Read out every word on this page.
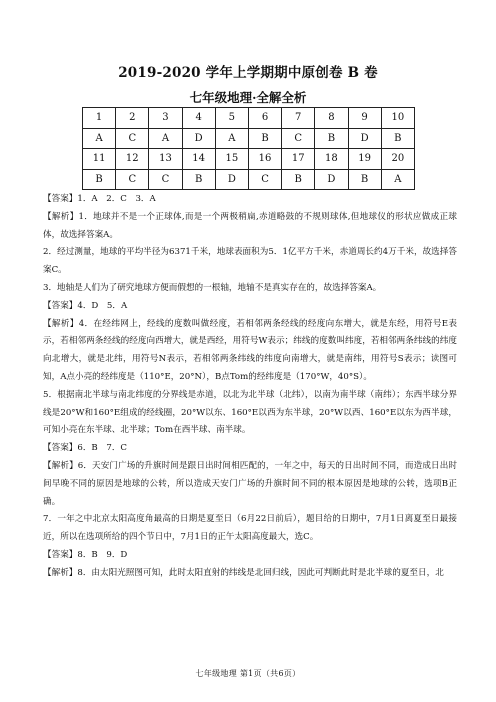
2019-2020 学年上学期期中原创卷 B 卷
七年级地理·全解全析
1	2	3	4	5	6	7	8	9	10
A	C	A	D	A	B	C	B	D	B
11	12	13	14	15	16	17	18	19	20
B	C	C	B	D	C	B	D	B	A

【答案】1．A　2．C　3．A

【解析】1．地球并不是一个正球体,而是一个两极稍扁,赤道略鼓的不规则球体,但地球仪的形状应做成正球体，故选择答案A。

2．经过测量，地球的平均半径为6371千米，地球表面积为5．1亿平方千米，赤道周长约4万千米，故选择答案C。

3．地轴是人们为了研究地球方便而假想的一根轴，地轴不是真实存在的，故选择答案A。

【答案】4．D　5．A

【解析】4．在经纬网上，经线的度数叫做经度，若相邻两条经线的经度向东增大，就是东经，用符号E表示，若相邻两条经线的经度向西增大，就是西经，用符号W表示；纬线的度数叫纬度，若相邻两条纬线的纬度向北增大，就是北纬，用符号N表示，若相邻两条纬线的纬度向南增大，就是南纬，用符号S表示；读图可知，A点小亮的经纬度是（110°E，20°N），B点Tom的经纬度是（170°W，40°S）。

5．根据南北半球与南北纬度的分界线是赤道，以北为北半球（北纬），以南为南半球（南纬）；东西半球分界线是20°W和160°E组成的经线圈，20°W以东、160°E以西为东半球，20°W以西、160°E以东为西半球，可知小亮在东半球、北半球；Tom在西半球、南半球。

【答案】6．B　7．C

【解析】6．天安门广场的升旗时间是跟日出时间相匹配的，一年之中，每天的日出时间不同，而造成日出时间早晚不同的原因是地球的公转，所以造成天安门广场的升旗时间不同的根本原因是地球的公转，选项B正确。

7．一年之中北京太阳高度角最高的日期是夏至日（6月22日前后），题目给的日期中，7月1日离夏至日最接近，所以在选项所给的四个节日中，7月1日的正午太阳高度最大，选C。

【答案】8．B　9．D

【解析】8．由太阳光照图可知，此时太阳直射的纬线是北回归线，因此可判断此时是北半球的夏至日，北

七年级地理 第1页（共6页）
